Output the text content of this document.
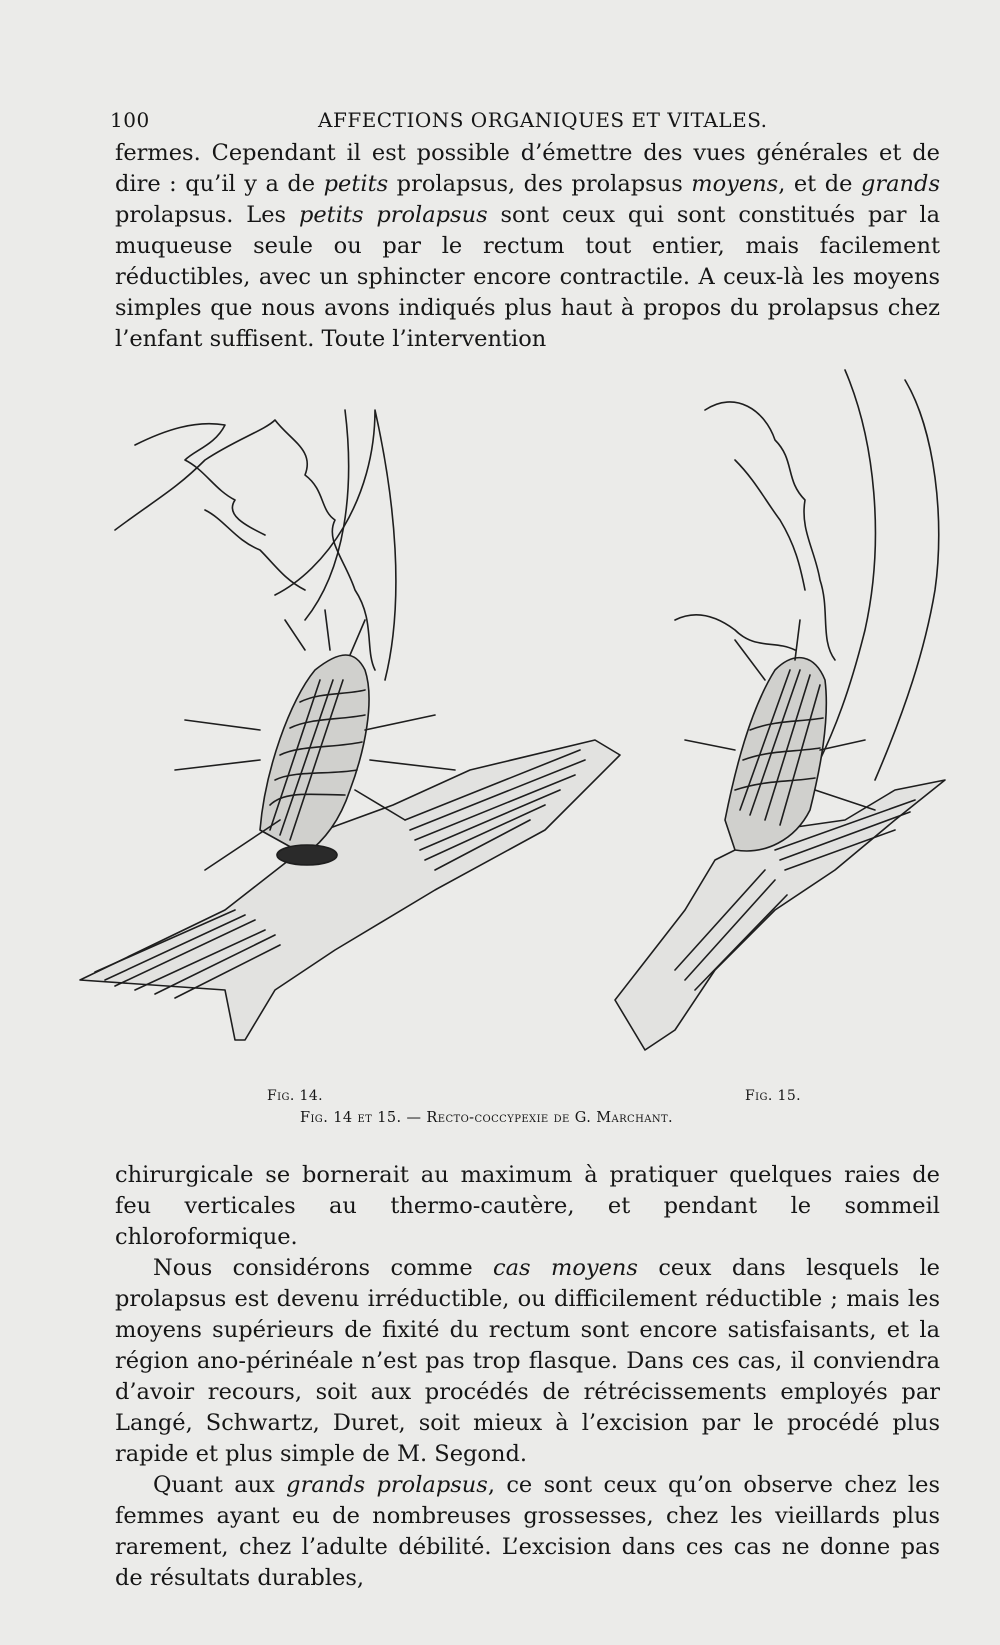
100	AFFECTIONS ORGANIQUES ET VITALES.

fermes. Cependant il est possible d’émettre des vues générales et de dire : qu’il y a de petits prolapsus, des prolapsus moyens, et de grands prolapsus. Les petits prolapsus sont ceux qui sont constitués par la muqueuse seule ou par le rectum tout entier, mais facilement réductibles, avec un sphincter encore contractile. A ceux-là les moyens simples que nous avons indiqués plus haut à propos du prolapsus chez l’enfant suffisent. Toute l’intervention

Fig. 14.	Fig. 15.
Fig. 14 et 15. — Recto-coccypexie de G. Marchant.

chirurgicale se bornerait au maximum à pratiquer quelques raies de feu verticales au thermo-cautère, et pendant le sommeil chloroformique.

Nous considérons comme cas moyens ceux dans lesquels le prolapsus est devenu irréductible, ou difficilement réductible ; mais les moyens supérieurs de fixité du rectum sont encore satisfaisants, et la région ano-périnéale n’est pas trop flasque. Dans ces cas, il conviendra d’avoir recours, soit aux procédés de rétrécissements employés par Langé, Schwartz, Duret, soit mieux à l’excision par le procédé plus rapide et plus simple de M. Segond.

Quant aux grands prolapsus, ce sont ceux qu’on observe chez les femmes ayant eu de nombreuses grossesses, chez les vieillards plus rarement, chez l’adulte débilité. L’excision dans ces cas ne donne pas de résultats durables,
